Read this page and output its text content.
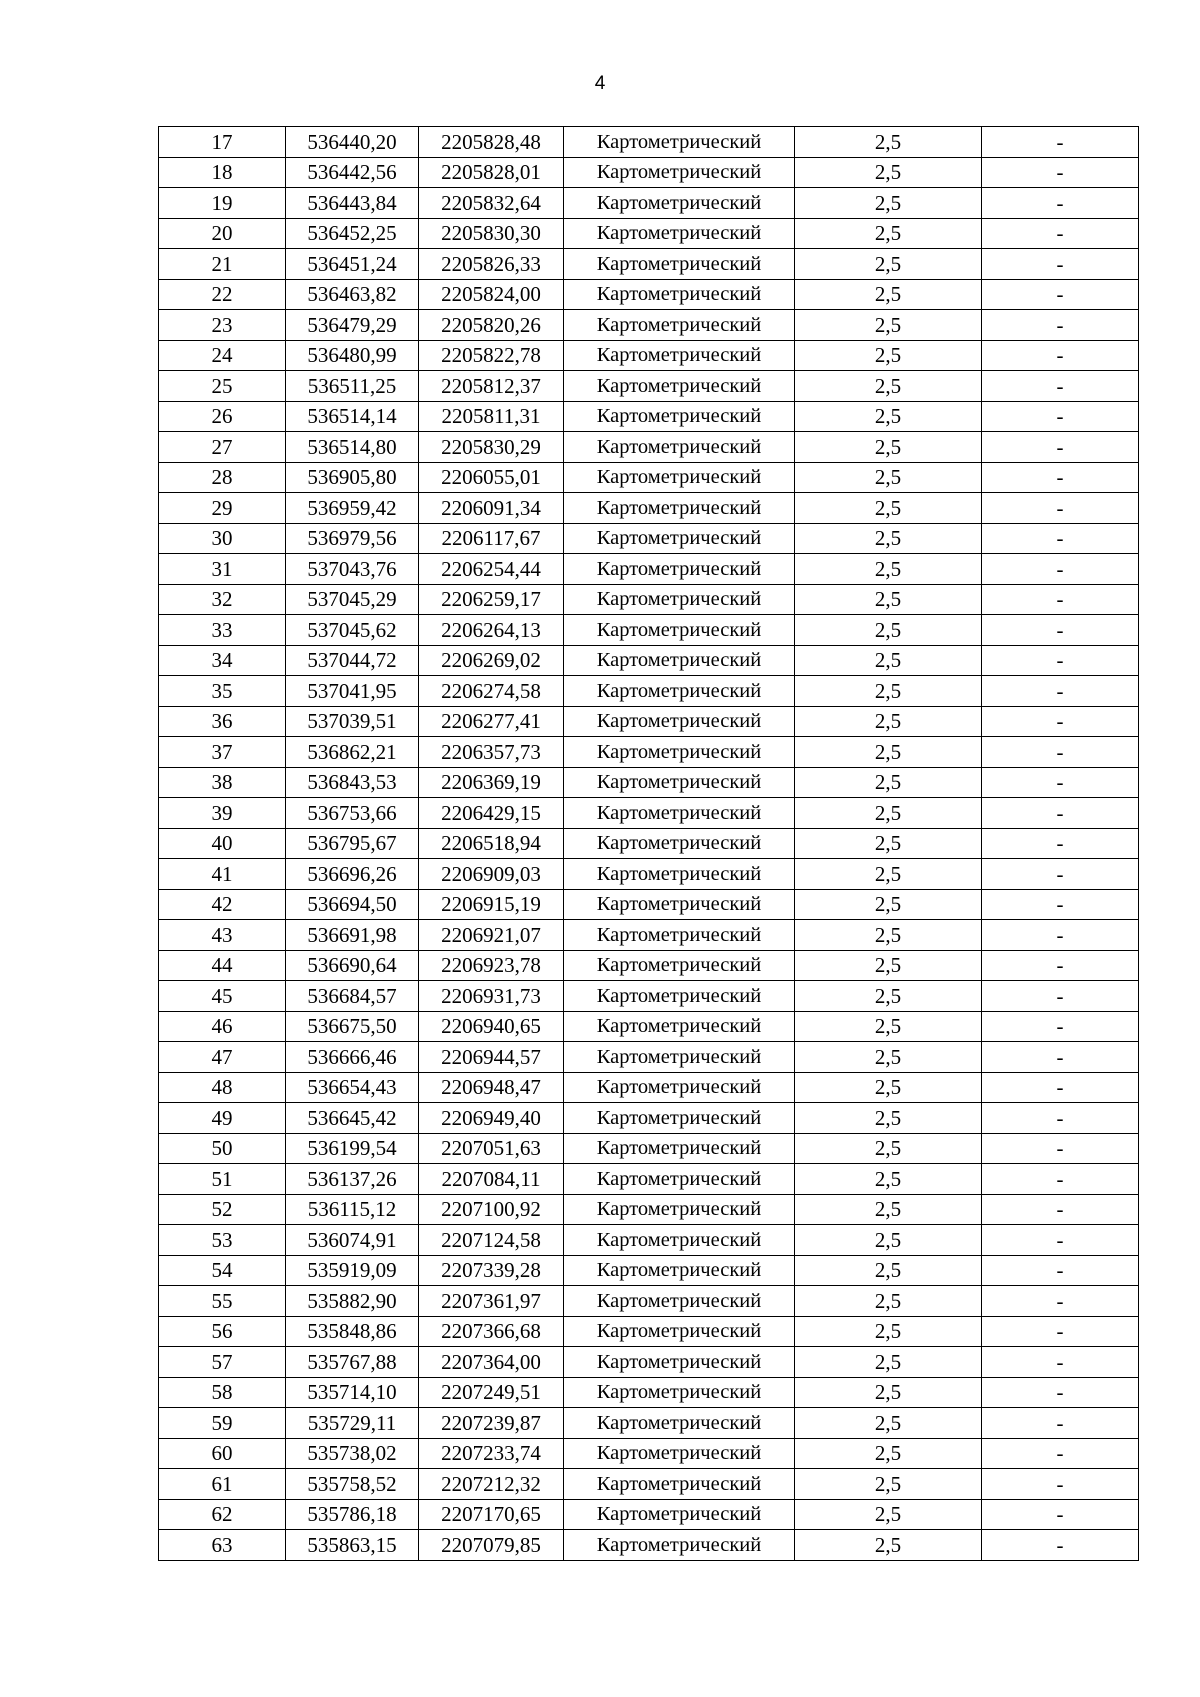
4
17	536440,20	2205828,48	Картометрический	2,5	-
18	536442,56	2205828,01	Картометрический	2,5	-
19	536443,84	2205832,64	Картометрический	2,5	-
20	536452,25	2205830,30	Картометрический	2,5	-
21	536451,24	2205826,33	Картометрический	2,5	-
22	536463,82	2205824,00	Картометрический	2,5	-
23	536479,29	2205820,26	Картометрический	2,5	-
24	536480,99	2205822,78	Картометрический	2,5	-
25	536511,25	2205812,37	Картометрический	2,5	-
26	536514,14	2205811,31	Картометрический	2,5	-
27	536514,80	2205830,29	Картометрический	2,5	-
28	536905,80	2206055,01	Картометрический	2,5	-
29	536959,42	2206091,34	Картометрический	2,5	-
30	536979,56	2206117,67	Картометрический	2,5	-
31	537043,76	2206254,44	Картометрический	2,5	-
32	537045,29	2206259,17	Картометрический	2,5	-
33	537045,62	2206264,13	Картометрический	2,5	-
34	537044,72	2206269,02	Картометрический	2,5	-
35	537041,95	2206274,58	Картометрический	2,5	-
36	537039,51	2206277,41	Картометрический	2,5	-
37	536862,21	2206357,73	Картометрический	2,5	-
38	536843,53	2206369,19	Картометрический	2,5	-
39	536753,66	2206429,15	Картометрический	2,5	-
40	536795,67	2206518,94	Картометрический	2,5	-
41	536696,26	2206909,03	Картометрический	2,5	-
42	536694,50	2206915,19	Картометрический	2,5	-
43	536691,98	2206921,07	Картометрический	2,5	-
44	536690,64	2206923,78	Картометрический	2,5	-
45	536684,57	2206931,73	Картометрический	2,5	-
46	536675,50	2206940,65	Картометрический	2,5	-
47	536666,46	2206944,57	Картометрический	2,5	-
48	536654,43	2206948,47	Картометрический	2,5	-
49	536645,42	2206949,40	Картометрический	2,5	-
50	536199,54	2207051,63	Картометрический	2,5	-
51	536137,26	2207084,11	Картометрический	2,5	-
52	536115,12	2207100,92	Картометрический	2,5	-
53	536074,91	2207124,58	Картометрический	2,5	-
54	535919,09	2207339,28	Картометрический	2,5	-
55	535882,90	2207361,97	Картометрический	2,5	-
56	535848,86	2207366,68	Картометрический	2,5	-
57	535767,88	2207364,00	Картометрический	2,5	-
58	535714,10	2207249,51	Картометрический	2,5	-
59	535729,11	2207239,87	Картометрический	2,5	-
60	535738,02	2207233,74	Картометрический	2,5	-
61	535758,52	2207212,32	Картометрический	2,5	-
62	535786,18	2207170,65	Картометрический	2,5	-
63	535863,15	2207079,85	Картометрический	2,5	-
